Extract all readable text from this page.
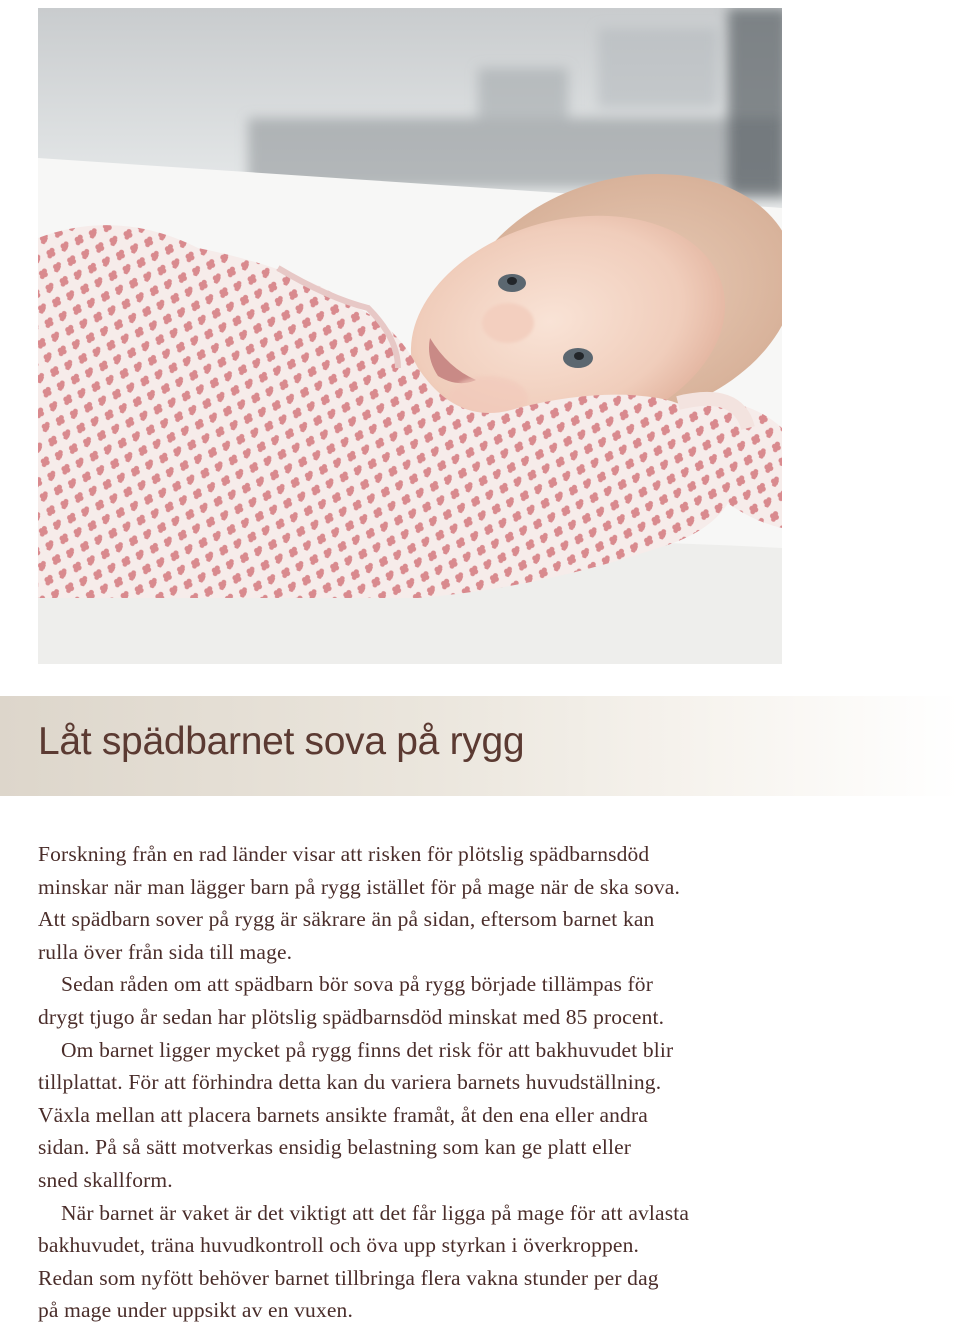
Låt spädbarnet sova på rygg
Forskning från en rad länder visar att risken för plötslig spädbarnsdöd
minskar när man lägger barn på rygg istället för på mage när de ska sova.
Att spädbarn sover på rygg är säkrare än på sidan, eftersom barnet kan
rulla över från sida till mage.
Sedan råden om att spädbarn bör sova på rygg började tillämpas för
drygt tjugo år sedan har plötslig spädbarnsdöd minskat med 85 procent.
Om barnet ligger mycket på rygg finns det risk för att bakhuvudet blir
tillplattat. För att förhindra detta kan du variera barnets huvudställning.
Växla mellan att placera barnets ansikte framåt, åt den ena eller andra
sidan. På så sätt motverkas ensidig belastning som kan ge platt eller
sned skallform.
När barnet är vaket är det viktigt att det får ligga på mage för att avlasta
bakhuvudet, träna huvudkontroll och öva upp styrkan i överkroppen.
Redan som nyfött behöver barnet tillbringa flera vakna stunder per dag
på mage under uppsikt av en vuxen.
